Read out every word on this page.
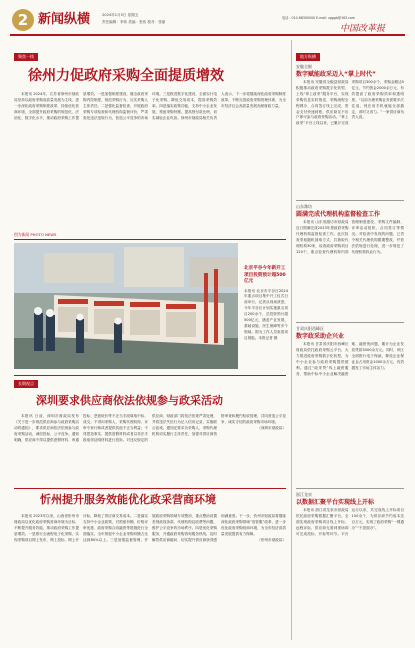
2 新闻纵横	2024年1月5日 星期五
责任编辑：李伟 美编：张伟 校对：张丽
电话：010-68300000 E-mail: zgggb@163.com
中国改革报
聚焦一线
徐州力促政府采购全面提质增效

本报讯 2024年，江苏省徐州市财政局坚持以政府采购高质量发展为主线，进一步深化政府采购制度改革，持续优化营商环境，全面提升政府采购的规范化、法治化、数字化水平，推动政府采购工作提质增效。一是加强制度建设，健全政府采购内控制度，规范采购行为，压实采购人主体责任。二是强化监督检查，开展政府采购专项检查和代理机构监督评价，严肃查处违法违规行为，营造公平竞争的市场环境。三是推进数字化建设，全面实行电子化采购，降低交易成本，提高采购效率。四是落实政策功能，支持中小企业发展，预留采购份额，提高预付款比例，切实减轻企业负担。徐州市财政局相关负责人表示，下一步将继续深化政府采购制度改革，不断完善政府采购管理体系，为全市经济社会高质量发展贡献财政力量。

图为新闻 PHOTO NEWS
北京平谷今年新开工项目投资预计超500亿元
本报讯 北京市平谷区2024年重点项目集中开工仪式日前举行，记者从现场获悉，今年平谷区计划实施重点项目200余个，总投资预计超500亿元，涵盖产业发展、基础设施、民生保障等多个领域。图为工作人员查看项目展板。本报记者 摄
长期视点
深圳要求供应商依法依规参与政采活动

本报讯 日前，深圳市财政局发布《关于进一步规范供应商参与政府采购活动的通知》，要求供应商依法依规参与政府采购活动，诚信投标，公平竞争。通知明确，供应商不得以提供虚假材料、串通投标、恶意低价等不正当手段谋取中标、成交；不得向采购人、采购代理机构、评审专家行贿或者提供其他不正当利益；不得捏造事实、提供虚假材料或者以非法手段取得证明材料进行投诉。对违反规定的供应商，财政部门将依法依规严肃处理，并将违法失信行为记入信用记录，实施联合惩戒。通知还要求各采购人、采购代理机构切实履行主体责任，加强对供应商资格审查和履约验收管理，共同营造公平竞争、诚实守信的政府采购市场环境。

（深圳市财政局）

忻州提升服务效能优化政采营商环境

本报讯 2023年以来，山西省忻州市财政局以优化政府采购营商环境为目标，不断提升服务效能，推动政府采购工作提质增效。一是推行全流程电子化采购，实现采购项目网上发布、网上投标、网上开评标，降低了供应商交易成本。二是落实支持中小企业政策，对预留份额、价格评审优惠、政府采购合同融资等措施进行全面落实，全年预留中小企业采购份额占比达到80%以上。三是加强监督管理，开展政府采购领域专项整治，重点整治设置差别歧视条款、代理机构乱收费等问题，维护公平竞争的市场秩序。四是优化采购服务，开通政府采购咨询服务热线，及时解答供应商疑问，切实提升供应商获得感和满意度。下一步，忻州市财政局将继续深化政府采购领域“放管服”改革，进一步优化政府采购营商环境，为全市经济高质量发展提供有力保障。

（忻州市财政局）

地方纵横
安徽全椒
数字赋能政采迈入“掌上时代”

本报讯 安徽省全椒县财政局积极推动政府采购数字化转型，上线“掌上政采”服务平台，实现采购信息实时推送、采购流程全程网办、合同签订线上完成、资金支付快速到账，供应商足不出户即可参与政府采购活动。“掌上政采”平台上线以来，已累计完成采购项目300余个，采购金额达5亿元，节约资金2000余万元，有效提高了政府采购效率和透明度。“以前办理采购业务需要多次往返，现在用手机就能全部搞定，省时又省力。”一家供应商负责人说。

山东潍坊
圆满完成代理机构监督检查工作

本报讯 山东省潍坊市财政局近日圆满完成2023年度政府采购代理机构监督检查工作。此次检查采取随机抽取方式，共抽取代理机构30家，检查政府采购项目120个，重点检查代理机构内部管理制度建设、采购文件编制、评审活动组织、合同签订等情况。对检查中发现的问题，已责令相关代理机构限期整改，并依法依规进行处理，进一步规范了代理机构执业行为。

甘肃庆阳西峰区
数字政采助企兴业

本报讯 甘肃省庆阳市西峰区财政局依托政府采购云平台，大力推进政府采购数字化转型，为中小企业参与政府采购提供便利。通过“政采贷”线上融资服务，帮助中标中小企业解决融资难、融资贵问题，累计为企业发放贷款3000余万元。同时，该区全面推行电子保函，释放企业保证金占用资金1000余万元，有效激发了市场主体活力。

浙江龙泉
以数据汇聚平台实现线上开标

本报讯 浙江省龙泉市财政局依托政府采购数据汇聚平台，全面实现政府采购项目线上开标、远程评标，供应商无需到现场即可完成投标、开标等环节。平台运行以来，共完成线上开标项目150余个，为供应商节约成本近百万元，实现了政府采购“一网通办”“不见面办”。
